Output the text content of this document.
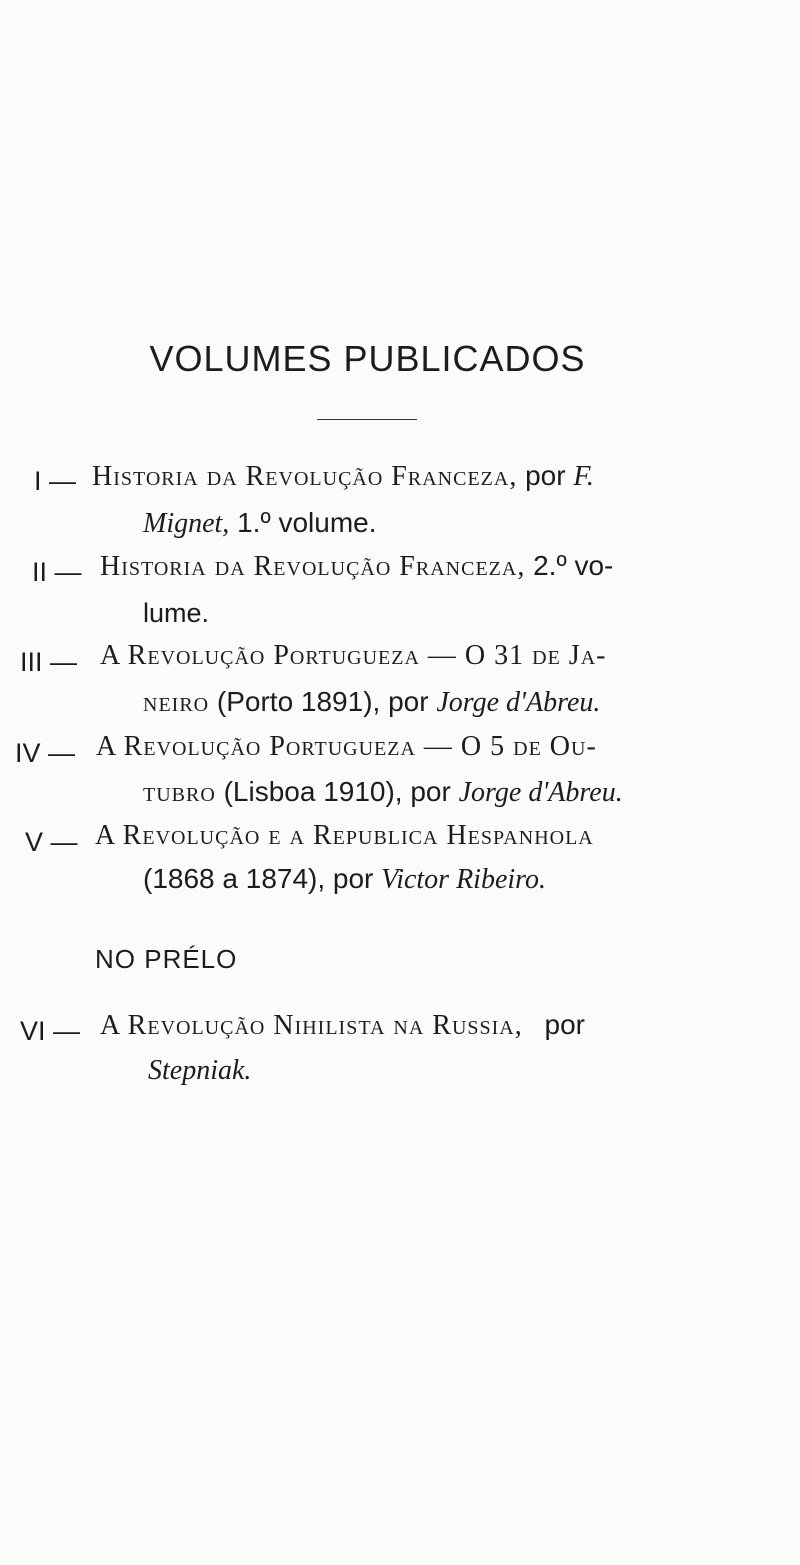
VOLUMES PUBLICADOS
I — Historia da Revolução Franceza, por F.
Mignet, 1.º volume.
II — Historia da Revolução Franceza, 2.º vo-
lume.
III — A Revolução Portugueza — O 31 de Ja-
neiro (Porto 1891), por Jorge d'Abreu.
IV — A Revolução Portugueza — O 5 de Ou-
tubro (Lisboa 1910), por Jorge d'Abreu.
V — A Revolução e a Republica Hespanhola
(1868 a 1874), por Victor Ribeiro.
NO PRÉLO
VI — A Revolução Nihilista na Russia, por
Stepniak.
